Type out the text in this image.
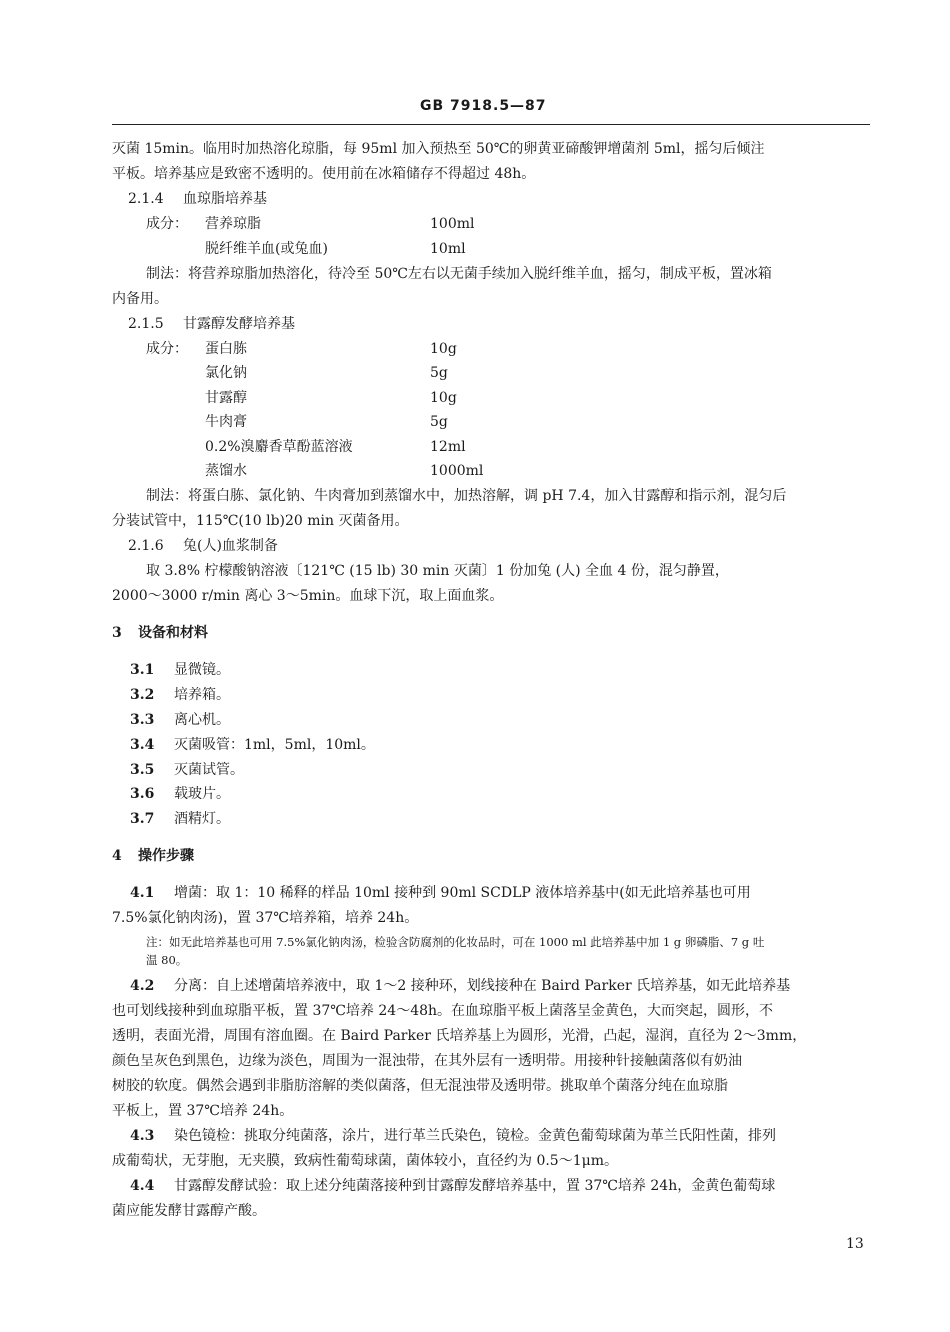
GB 7918.5—87
灭菌 15min。临用时加热溶化琼脂，每 95ml 加入预热至 50℃的卵黄亚碲酸钾增菌剂 5ml，摇匀后倾注
平板。培养基应是致密不透明的。使用前在冰箱储存不得超过 48h。
2.1.4 血琼脂培养基
成分： 营养琼脂	100ml
脱纤维羊血(或兔血)	10ml
制法：将营养琼脂加热溶化，待冷至 50℃左右以无菌手续加入脱纤维羊血，摇匀，制成平板，置冰箱
内备用。
2.1.5 甘露醇发酵培养基
成分： 蛋白胨	10g
氯化钠	5g
甘露醇	10g
牛肉膏	5g
0.2%溴麝香草酚蓝溶液	12ml
蒸馏水	1000ml
制法：将蛋白胨、氯化钠、牛肉膏加到蒸馏水中，加热溶解，调 pH 7.4，加入甘露醇和指示剂，混匀后
分装试管中，115℃(10 lb)20 min 灭菌备用。
2.1.6 兔(人)血浆制备
取 3.8% 柠檬酸钠溶液〔121℃ (15 lb) 30 min 灭菌〕1 份加兔 (人) 全血 4 份，混匀静置，
2000～3000 r/min 离心 3～5min。血球下沉，取上面血浆。
3 设备和材料
3.1 显微镜。
3.2 培养箱。
3.3 离心机。
3.4 灭菌吸管：1ml，5ml，10ml。
3.5 灭菌试管。
3.6 载玻片。
3.7 酒精灯。
4 操作步骤
4.1 增菌：取 1：10 稀释的样品 10ml 接种到 90ml SCDLP 液体培养基中(如无此培养基也可用
7.5%氯化钠肉汤)，置 37℃培养箱，培养 24h。
注：如无此培养基也可用 7.5%氯化钠肉汤，检验含防腐剂的化妆品时，可在 1000 ml 此培养基中加 1 g 卵磷脂、7 g 吐
温 80。
4.2 分离：自上述增菌培养液中，取 1～2 接种环，划线接种在 Baird Parker 氏培养基，如无此培养基
也可划线接种到血琼脂平板，置 37℃培养 24～48h。在血琼脂平板上菌落呈金黄色，大而突起，圆形，不
透明，表面光滑，周围有溶血圈。在 Baird Parker 氏培养基上为圆形，光滑，凸起，湿润，直径为 2～3mm，
颜色呈灰色到黑色，边缘为淡色，周围为一混浊带，在其外层有一透明带。用接种针接触菌落似有奶油
树胶的软度。偶然会遇到非脂肪溶解的类似菌落，但无混浊带及透明带。挑取单个菌落分纯在血琼脂
平板上，置 37℃培养 24h。
4.3 染色镜检：挑取分纯菌落，涂片，进行革兰氏染色，镜检。金黄色葡萄球菌为革兰氏阳性菌，排列
成葡萄状，无芽胞，无夹膜，致病性葡萄球菌，菌体较小，直径约为 0.5～1μm。
4.4 甘露醇发酵试验：取上述分纯菌落接种到甘露醇发酵培养基中，置 37℃培养 24h，金黄色葡萄球
菌应能发酵甘露醇产酸。
13
